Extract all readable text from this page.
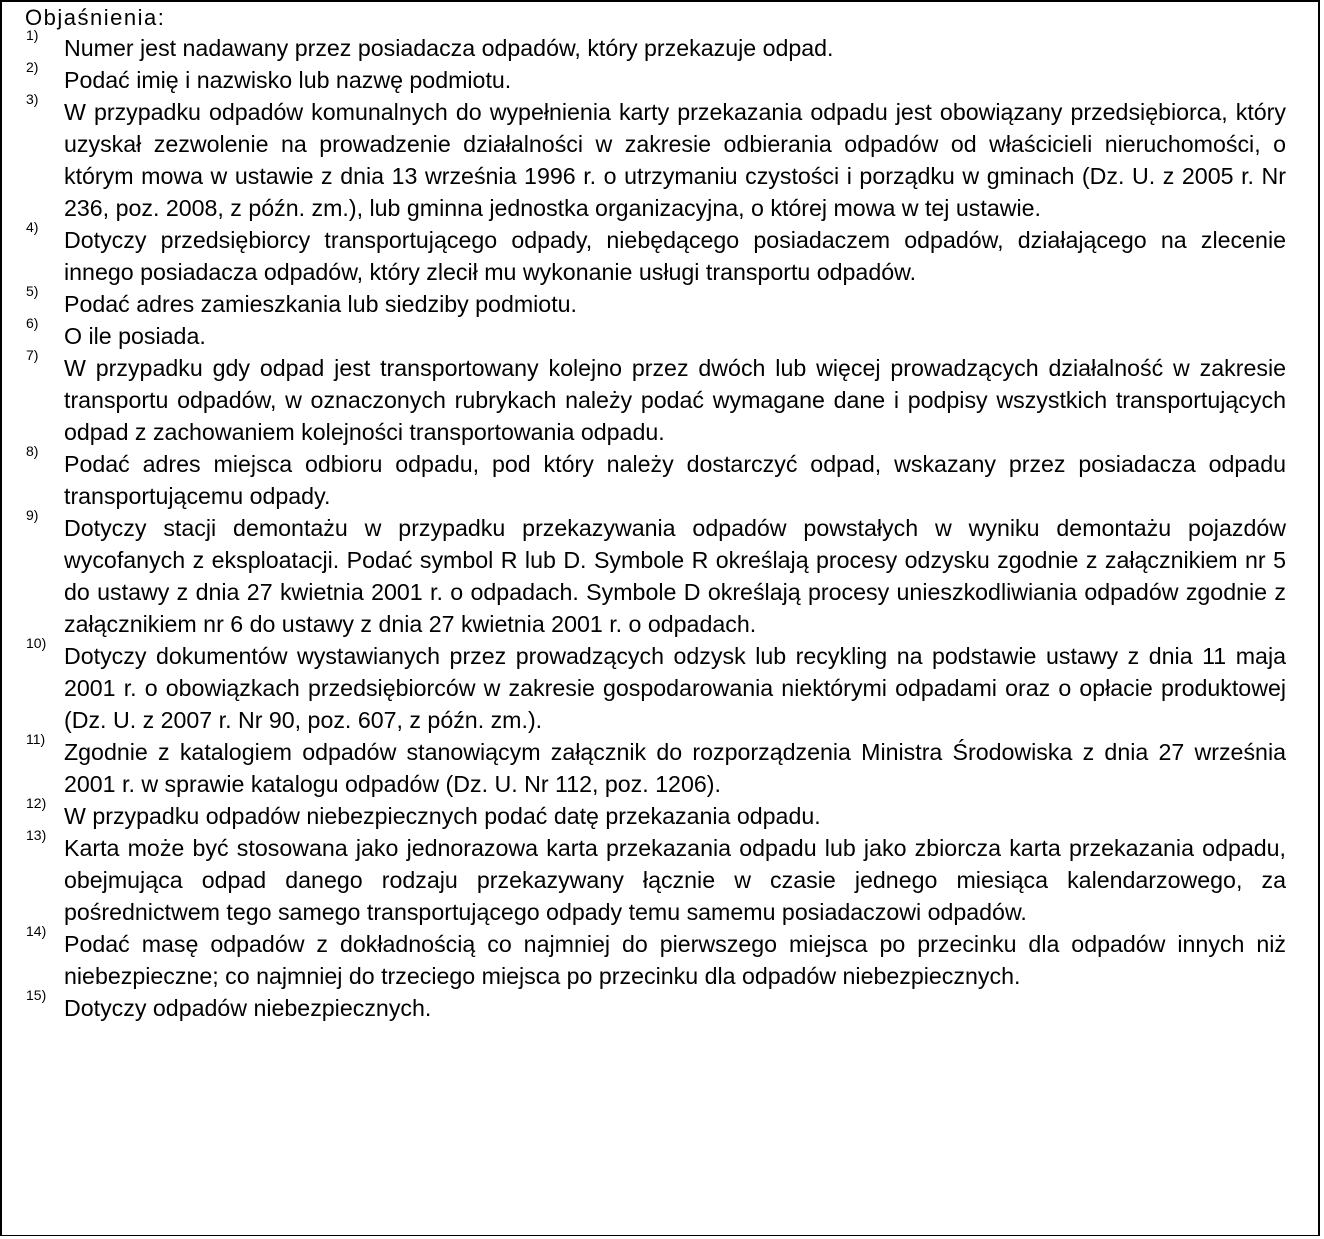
Objaśnienia:

1) Numer jest nadawany przez posiadacza odpadów, który przekazuje odpad.

2) Podać imię i nazwisko lub nazwę podmiotu.

3) W przypadku odpadów komunalnych do wypełnienia karty przekazania odpadu jest obowiązany przedsiębiorca, który uzyskał zezwolenie na prowadzenie działalności w zakresie odbierania odpadów od właścicieli nieruchomości, o którym mowa w ustawie z dnia 13 września 1996 r. o utrzymaniu czystości i porządku w gminach (Dz. U. z 2005 r. Nr 236, poz. 2008, z późn. zm.), lub gminna jednostka organizacyjna, o której mowa w tej ustawie.

4) Dotyczy przedsiębiorcy transportującego odpady, niebędącego posiadaczem odpadów, działającego na zlecenie innego posiadacza odpadów, który zlecił mu wykonanie usługi transportu odpadów.

5) Podać adres zamieszkania lub siedziby podmiotu.

6) O ile posiada.

7) W przypadku gdy odpad jest transportowany kolejno przez dwóch lub więcej prowadzących działalność w zakresie transportu odpadów, w oznaczonych rubrykach należy podać wymagane dane i podpisy wszystkich transportujących odpad z zachowaniem kolejności transportowania odpadu.

8) Podać adres miejsca odbioru odpadu, pod który należy dostarczyć odpad, wskazany przez posiadacza odpadu transportującemu odpady.

9) Dotyczy stacji demontażu w przypadku przekazywania odpadów powstałych w wyniku demontażu pojazdów wycofanych z eksploatacji. Podać symbol R lub D. Symbole R określają procesy odzysku zgodnie z załącznikiem nr 5 do ustawy z dnia 27 kwietnia 2001 r. o odpadach. Symbole D określają procesy unieszkodliwiania odpadów zgodnie z załącznikiem nr 6 do ustawy z dnia 27 kwietnia 2001 r. o odpadach.

10) Dotyczy dokumentów wystawianych przez prowadzących odzysk lub recykling na podstawie ustawy z dnia 11 maja 2001 r. o obowiązkach przedsiębiorców w zakresie gospodarowania niektórymi odpadami oraz o opłacie produktowej (Dz. U. z 2007 r. Nr 90, poz. 607, z późn. zm.).

11) Zgodnie z katalogiem odpadów stanowiącym załącznik do rozporządzenia Ministra Środowiska z dnia 27 września 2001 r. w sprawie katalogu odpadów (Dz. U. Nr 112, poz. 1206).

12) W przypadku odpadów niebezpiecznych podać datę przekazania odpadu.

13) Karta może być stosowana jako jednorazowa karta przekazania odpadu lub jako zbiorcza karta przekazania odpadu, obejmująca odpad danego rodzaju przekazywany łącznie w czasie jednego miesiąca kalendarzowego, za pośrednictwem tego samego transportującego odpady temu samemu posiadaczowi odpadów.

14) Podać masę odpadów z dokładnością co najmniej do pierwszego miejsca po przecinku dla odpadów innych niż niebezpieczne; co najmniej do trzeciego miejsca po przecinku dla odpadów niebezpiecznych.

15) Dotyczy odpadów niebezpiecznych.
